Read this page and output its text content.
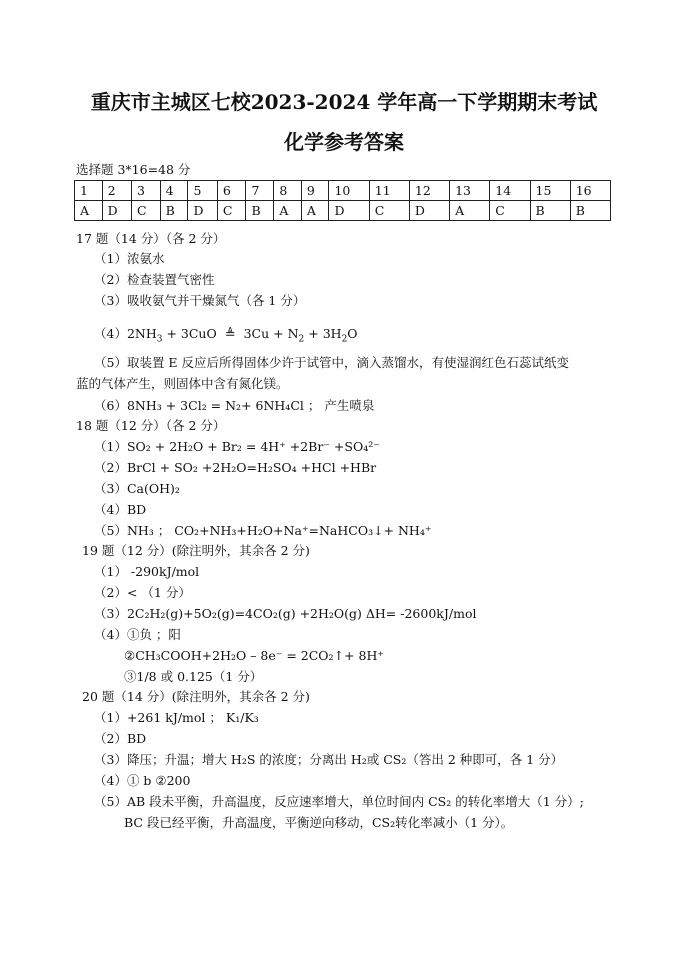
重庆市主城区七校2023-2024 学年高一下学期期末考试
化学参考答案
选择题 3*16=48 分
1	2	3	4	5	6	7	8	9	10	11	12	13	14	15	16
A	D	C	B	D	C	B	A	A	D	C	D	A	C	B	B
17 题（14 分）（各 2 分）
（1）浓氨水
（2）检查装置气密性
（3）吸收氨气并干燥氮气（各 1 分）
$(4)2NH_3 + 3CuO$ ≜ $3Cu + N_2 + 3H_2O$
（5）取装置 E 反应后所得固体少许于试管中，滴入蒸馏水，有使湿润红色石蕊试纸变
蓝的气体产生，则固体中含有氮化镁。
（6）8NH₃ + 3Cl₂ = N₂+ 6NH₄Cl ； 产生喷泉
18 题（12 分）（各 2 分）
（1）SO₂ + 2H₂O + Br₂ = 4H⁺ +2Br⁻ +SO₄²⁻
（2）BrCl + SO₂ +2H₂O=H₂SO₄ +HCl +HBr
（3）Ca(OH)₂
（4）BD
（5）NH₃ ； CO₂+NH₃+H₂O+Na⁺=NaHCO₃↓+ NH₄⁺
19 题（12 分）(除注明外，其余各 2 分)
（1） -290kJ/mol
（2）< （1 分）
（3）2C₂H₂(g)+5O₂(g)=4CO₂(g) +2H₂O(g) ΔH= -2600kJ/mol
（4）①负 ；阳
②CH₃COOH+2H₂O – 8e⁻ = 2CO₂↑+ 8H⁺
③1/8 或 0.125（1 分）
20 题（14 分）(除注明外，其余各 2 分)
（1）+261 kJ/mol ； K₁/K₃
（2）BD
（3）降压；升温；增大 H₂S 的浓度；分离出 H₂或 CS₂（答出 2 种即可，各 1 分）
（4）① b ②200
（5）AB 段未平衡，升高温度，反应速率增大，单位时间内 CS₂ 的转化率增大（1 分）;
BC 段已经平衡，升高温度，平衡逆向移动，CS₂转化率减小（1 分）。
